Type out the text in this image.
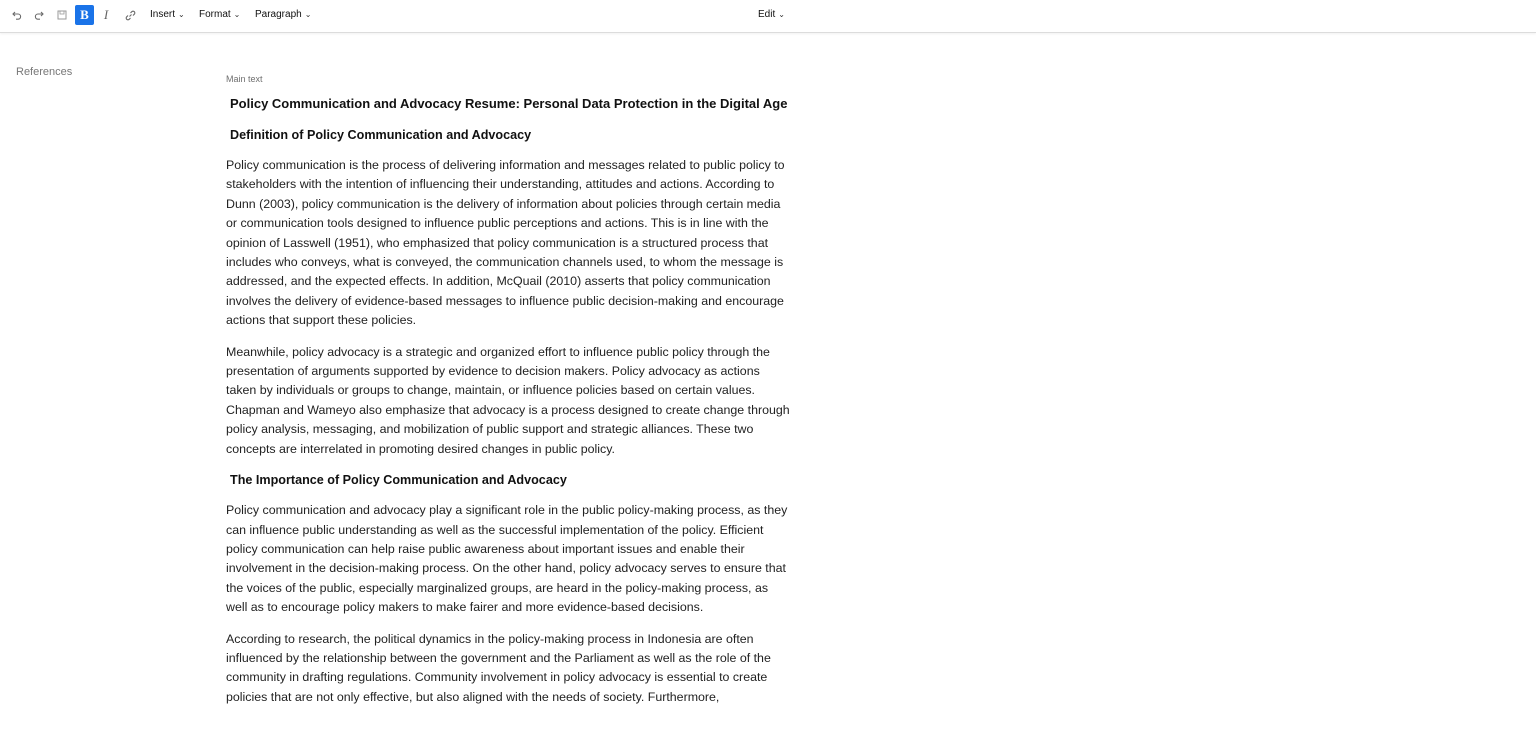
B	I	Insert ⌄ Format ⌄ Paragraph ⌄	Edit ⌄
References
Main text
Policy Communication and Advocacy Resume: Personal Data Protection in the Digital Age
Definition of Policy Communication and Advocacy

Policy communication is the process of delivering information and messages related to public policy to stakeholders with the intention of influencing their understanding, attitudes and actions. According to Dunn (2003), policy communication is the delivery of information about policies through certain media or communication tools designed to influence public perceptions and actions. This is in line with the opinion of Lasswell (1951), who emphasized that policy communication is a structured process that includes who conveys, what is conveyed, the communication channels used, to whom the message is addressed, and the expected effects. In addition, McQuail (2010) asserts that policy communication involves the delivery of evidence-based messages to influence public decision-making and encourage actions that support these policies.

Meanwhile, policy advocacy is a strategic and organized effort to influence public policy through the presentation of arguments supported by evidence to decision makers. Policy advocacy as actions taken by individuals or groups to change, maintain, or influence policies based on certain values. Chapman and Wameyo also emphasize that advocacy is a process designed to create change through policy analysis, messaging, and mobilization of public support and strategic alliances. These two concepts are interrelated in promoting desired changes in public policy.

The Importance of Policy Communication and Advocacy

Policy communication and advocacy play a significant role in the public policy-making process, as they can influence public understanding as well as the successful implementation of the policy. Efficient policy communication can help raise public awareness about important issues and enable their involvement in the decision-making process. On the other hand, policy advocacy serves to ensure that the voices of the public, especially marginalized groups, are heard in the policy-making process, as well as to encourage policy makers to make fairer and more evidence-based decisions.

According to research, the political dynamics in the policy-making process in Indonesia are often influenced by the relationship between the government and the Parliament as well as the role of the community in drafting regulations. Community involvement in policy advocacy is essential to create policies that are not only effective, but also aligned with the needs of society. Furthermore,
